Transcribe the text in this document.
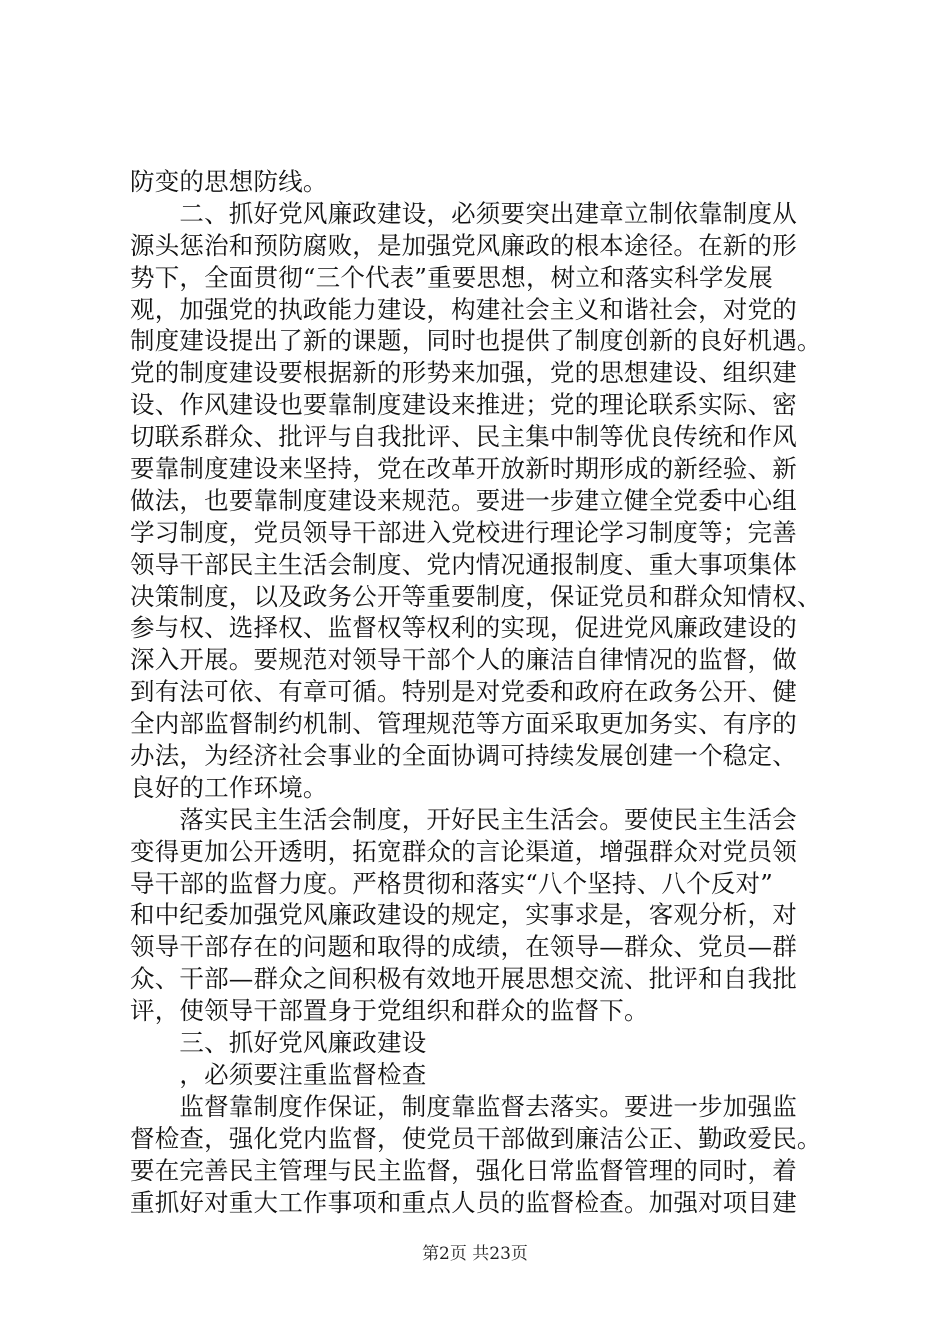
防变的思想防线。
　　二、抓好党风廉政建设，必须要突出建章立制依靠制度从
源头惩治和预防腐败，是加强党风廉政的根本途径。在新的形
势下，全面贯彻“三个代表”重要思想，树立和落实科学发展
观，加强党的执政能力建设，构建社会主义和谐社会，对党的
制度建设提出了新的课题，同时也提供了制度创新的良好机遇。
党的制度建设要根据新的形势来加强，党的思想建设、组织建
设、作风建设也要靠制度建设来推进；党的理论联系实际、密
切联系群众、批评与自我批评、民主集中制等优良传统和作风
要靠制度建设来坚持，党在改革开放新时期形成的新经验、新
做法，也要靠制度建设来规范。要进一步建立健全党委中心组
学习制度，党员领导干部进入党校进行理论学习制度等；完善
领导干部民主生活会制度、党内情况通报制度、重大事项集体
决策制度，以及政务公开等重要制度，保证党员和群众知情权、
参与权、选择权、监督权等权利的实现，促进党风廉政建设的
深入开展。要规范对领导干部个人的廉洁自律情况的监督，做
到有法可依、有章可循。特别是对党委和政府在政务公开、健
全内部监督制约机制、管理规范等方面采取更加务实、有序的
办法，为经济社会事业的全面协调可持续发展创建一个稳定、
良好的工作环境。
　　落实民主生活会制度，开好民主生活会。要使民主生活会
变得更加公开透明，拓宽群众的言论渠道，增强群众对党员领
导干部的监督力度。严格贯彻和落实“八个坚持、八个反对”
和中纪委加强党风廉政建设的规定，实事求是，客观分析，对
领导干部存在的问题和取得的成绩，在领导—群众、党员—群
众、干部—群众之间积极有效地开展思想交流、批评和自我批
评，使领导干部置身于党组织和群众的监督下。
　　三、抓好党风廉政建设
　　，必须要注重监督检查
　　监督靠制度作保证，制度靠监督去落实。要进一步加强监
督检查，强化党内监督，使党员干部做到廉洁公正、勤政爱民。
要在完善民主管理与民主监督，强化日常监督管理的同时，着
重抓好对重大工作事项和重点人员的监督检查。加强对项目建
第2页 共23页
